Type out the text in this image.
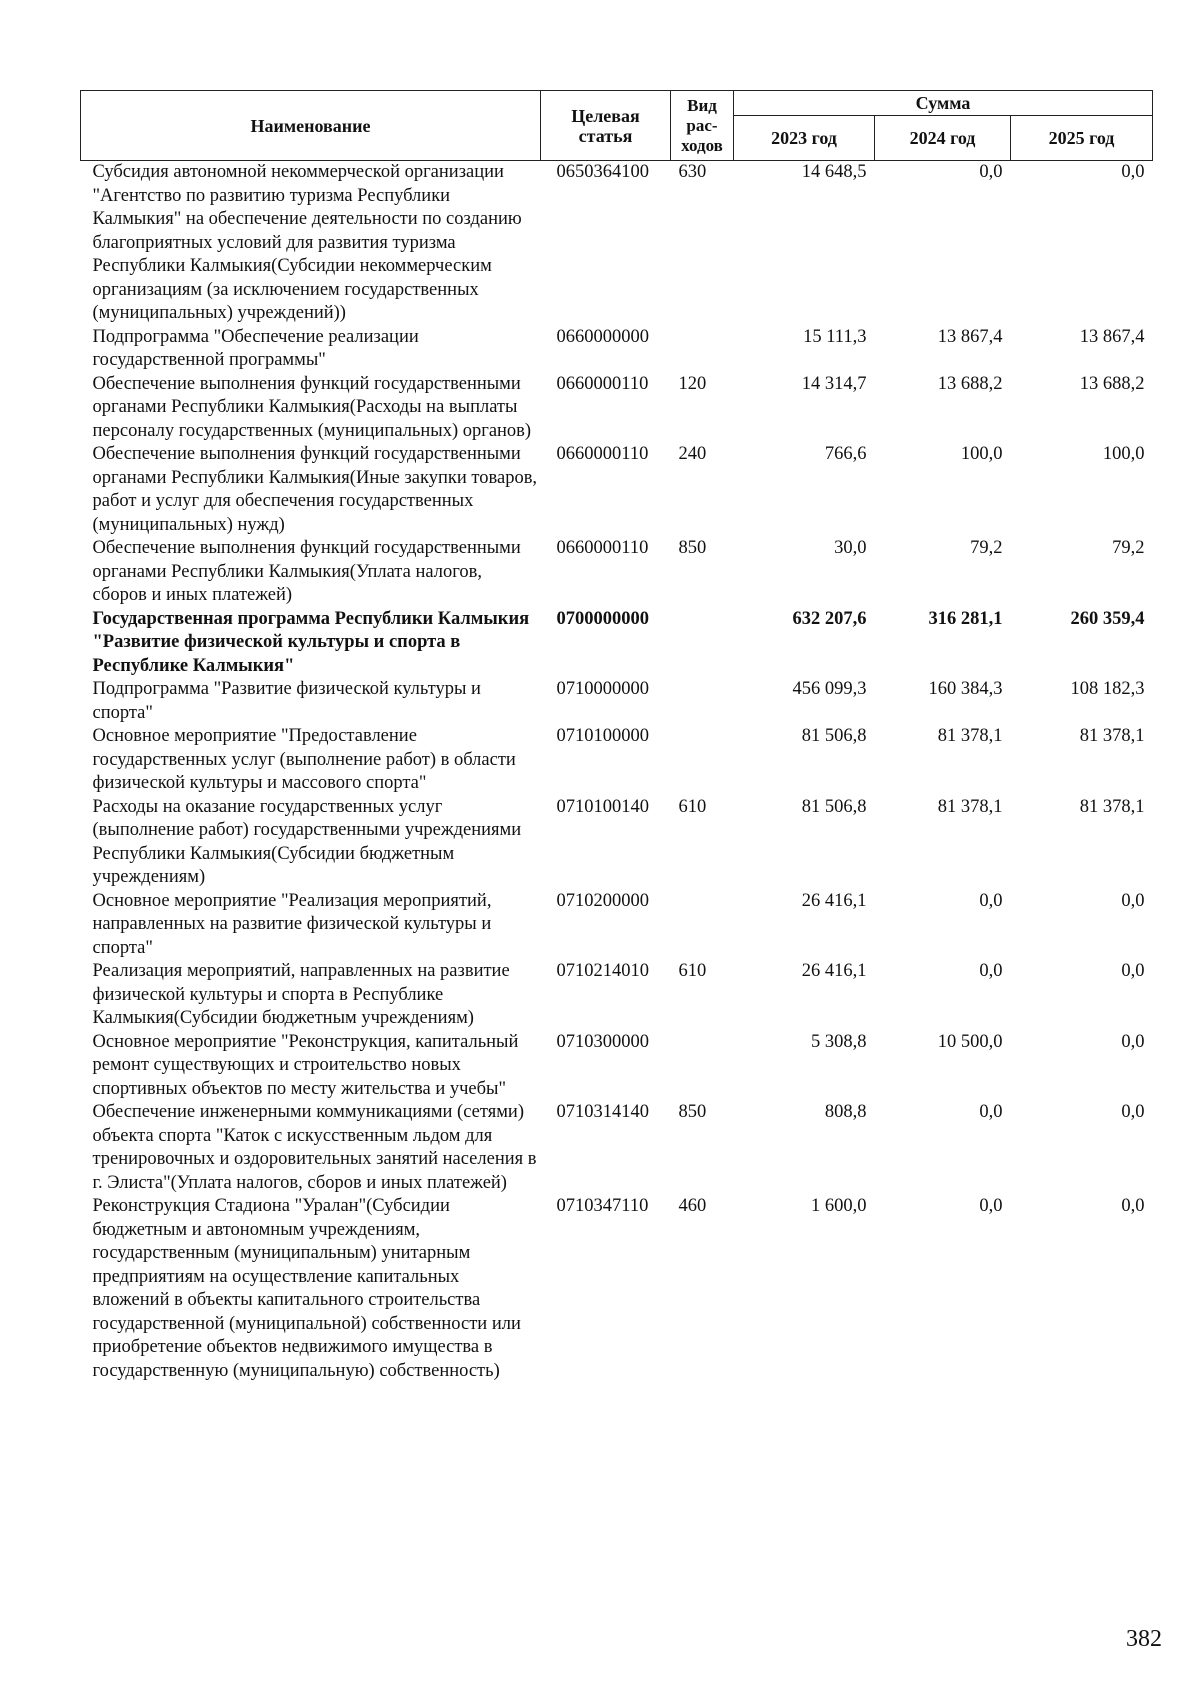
Наименование	Целевая статья	Вид рас-ходов	Сумма		
			2023 год	2024 год	2025 год
Субсидия автономной некоммерческой организации "Агентство по развитию туризма Республики Калмыкия" на обеспечение деятельности по созданию благоприятных условий для развития туризма Республики Калмыкия(Субсидии некоммерческим организациям (за исключением государственных (муниципальных) учреждений))	0650364100	630	14 648,5	0,0	0,0
Подпрограмма "Обеспечение реализации государственной программы"	0660000000		15 111,3	13 867,4	13 867,4
Обеспечение выполнения функций государственными органами Республики Калмыкия(Расходы на выплаты персоналу государственных (муниципальных) органов)	0660000110	120	14 314,7	13 688,2	13 688,2
Обеспечение выполнения функций государственными органами Республики Калмыкия(Иные закупки товаров, работ и услуг для обеспечения государственных (муниципальных) нужд)	0660000110	240	766,6	100,0	100,0
Обеспечение выполнения функций государственными органами Республики Калмыкия(Уплата налогов, сборов и иных платежей)	0660000110	850	30,0	79,2	79,2
Государственная программа Республики Калмыкия "Развитие физической культуры и спорта в Республике Калмыкия"	0700000000		632 207,6	316 281,1	260 359,4
Подпрограмма "Развитие физической культуры и спорта"	0710000000		456 099,3	160 384,3	108 182,3
Основное мероприятие "Предоставление государственных услуг (выполнение работ) в области физической культуры и массового спорта"	0710100000		81 506,8	81 378,1	81 378,1
Расходы на оказание государственных услуг (выполнение работ) государственными учреждениями Республики Калмыкия(Субсидии бюджетным учреждениям)	0710100140	610	81 506,8	81 378,1	81 378,1
Основное мероприятие "Реализация мероприятий, направленных на развитие физической культуры и спорта"	0710200000		26 416,1	0,0	0,0
Реализация мероприятий, направленных на развитие физической культуры и спорта в Республике Калмыкия(Субсидии бюджетным учреждениям)	0710214010	610	26 416,1	0,0	0,0
Основное мероприятие "Реконструкция, капитальный ремонт существующих и строительство новых спортивных объектов по месту жительства и учебы"	0710300000		5 308,8	10 500,0	0,0
Обеспечение инженерными коммуникациями (сетями) объекта спорта "Каток с искусственным льдом для тренировочных и оздоровительных занятий населения в г. Элиста"(Уплата налогов, сборов и иных платежей)	0710314140	850	808,8	0,0	0,0
Реконструкция Стадиона "Уралан"(Субсидии бюджетным и автономным учреждениям, государственным (муниципальным) унитарным предприятиям на осуществление капитальных вложений в объекты капитального строительства государственной (муниципальной) собственности или приобретение объектов недвижимого имущества в государственную (муниципальную) собственность)	0710347110	460	1 600,0	0,0	0,0
382
